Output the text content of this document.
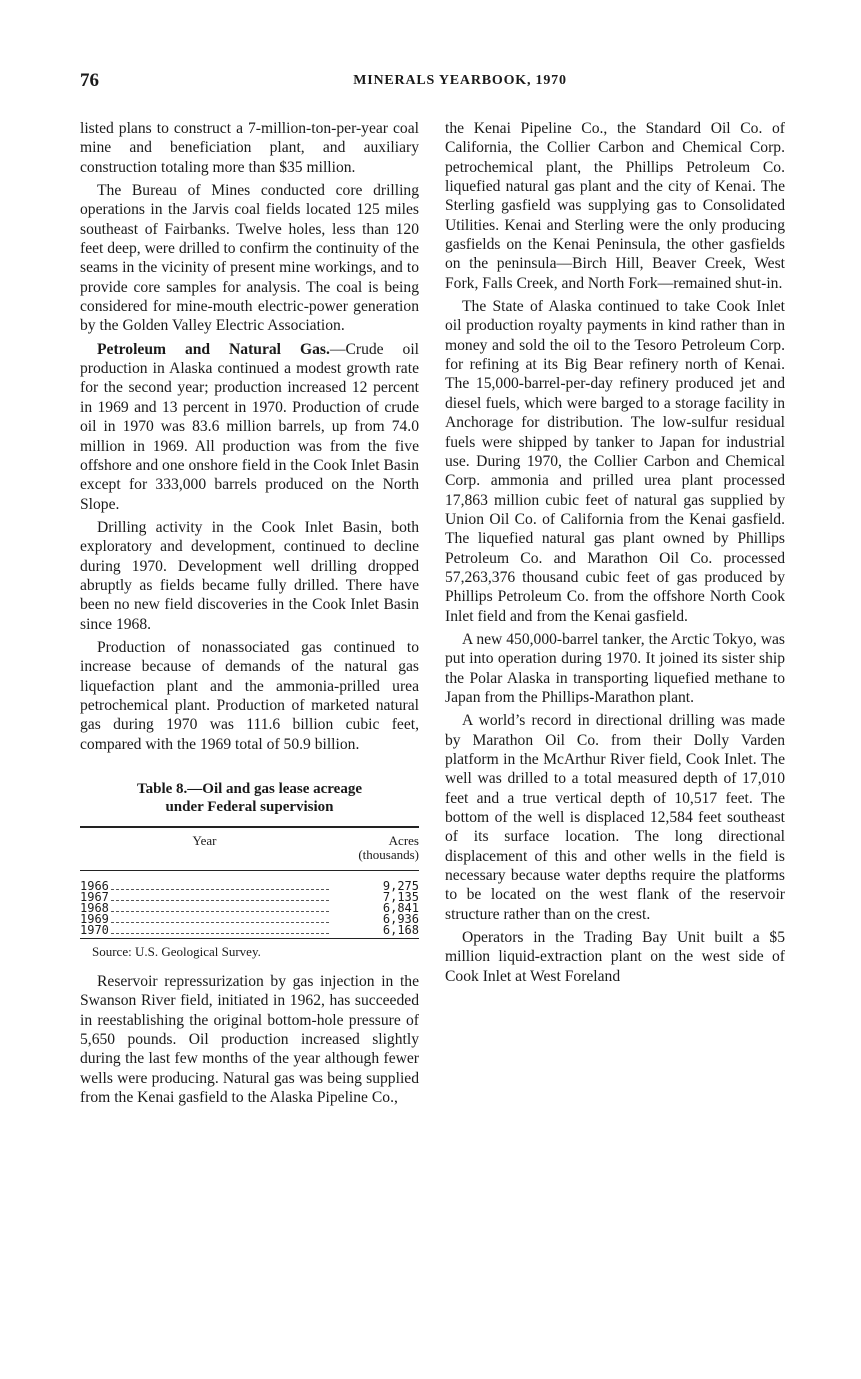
76	MINERALS YEARBOOK, 1970

listed plans to construct a 7-million-ton-per-year coal mine and beneficiation plant, and auxiliary construction totaling more than $35 million.

The Bureau of Mines conducted core drilling operations in the Jarvis coal fields located 125 miles southeast of Fairbanks. Twelve holes, less than 120 feet deep, were drilled to confirm the continuity of the seams in the vicinity of present mine workings, and to provide core samples for analysis. The coal is being considered for mine-mouth electric-power generation by the Golden Valley Electric Association.

Petroleum and Natural Gas.—Crude oil production in Alaska continued a modest growth rate for the second year; production increased 12 percent in 1969 and 13 percent in 1970. Production of crude oil in 1970 was 83.6 million barrels, up from 74.0 million in 1969. All production was from the five offshore and one onshore field in the Cook Inlet Basin except for 333,000 barrels produced on the North Slope.

Drilling activity in the Cook Inlet Basin, both exploratory and development, continued to decline during 1970. Development well drilling dropped abruptly as fields became fully drilled. There have been no new field discoveries in the Cook Inlet Basin since 1968.

Production of nonassociated gas continued to increase because of demands of the natural gas liquefaction plant and the ammonia-prilled urea petrochemical plant. Production of marketed natural gas during 1970 was 111.6 billion cubic feet, compared with the 1969 total of 50.9 billion.

Table 8.—Oil and gas lease acreage
under Federal supervision
Year	Acres
(thousands)

1966	9,275

1967	7,135

1968	6,841

1969	6,936

1970	6,168
Source: U.S. Geological Survey.

Reservoir repressurization by gas injection in the Swanson River field, initiated in 1962, has succeeded in reestablishing the original bottom-hole pressure of 5,650 pounds. Oil production increased slightly during the last few months of the year although fewer wells were producing. Natural gas was being supplied from the Kenai gasfield to the Alaska Pipeline Co.,

the Kenai Pipeline Co., the Standard Oil Co. of California, the Collier Carbon and Chemical Corp. petrochemical plant, the Phillips Petroleum Co. liquefied natural gas plant and the city of Kenai. The Sterling gasfield was supplying gas to Consolidated Utilities. Kenai and Sterling were the only producing gasfields on the Kenai Peninsula, the other gasfields on the peninsula—Birch Hill, Beaver Creek, West Fork, Falls Creek, and North Fork—remained shut-in.

The State of Alaska continued to take Cook Inlet oil production royalty payments in kind rather than in money and sold the oil to the Tesoro Petroleum Corp. for refining at its Big Bear refinery north of Kenai. The 15,000-barrel-per-day refinery produced jet and diesel fuels, which were barged to a storage facility in Anchorage for distribution. The low-sulfur residual fuels were shipped by tanker to Japan for industrial use. During 1970, the Collier Carbon and Chemical Corp. ammonia and prilled urea plant processed 17,863 million cubic feet of natural gas supplied by Union Oil Co. of California from the Kenai gasfield. The liquefied natural gas plant owned by Phillips Petroleum Co. and Marathon Oil Co. processed 57,263,376 thousand cubic feet of gas produced by Phillips Petroleum Co. from the offshore North Cook Inlet field and from the Kenai gasfield.

A new 450,000-barrel tanker, the Arctic Tokyo, was put into operation during 1970. It joined its sister ship the Polar Alaska in transporting liquefied methane to Japan from the Phillips-Marathon plant.

A world’s record in directional drilling was made by Marathon Oil Co. from their Dolly Varden platform in the McArthur River field, Cook Inlet. The well was drilled to a total measured depth of 17,010 feet and a true vertical depth of 10,517 feet. The bottom of the well is displaced 12,584 feet southeast of its surface location. The long directional displacement of this and other wells in the field is necessary because water depths require the platforms to be located on the west flank of the reservoir structure rather than on the crest.

Operators in the Trading Bay Unit built a $5 million liquid-extraction plant on the west side of Cook Inlet at West Foreland
